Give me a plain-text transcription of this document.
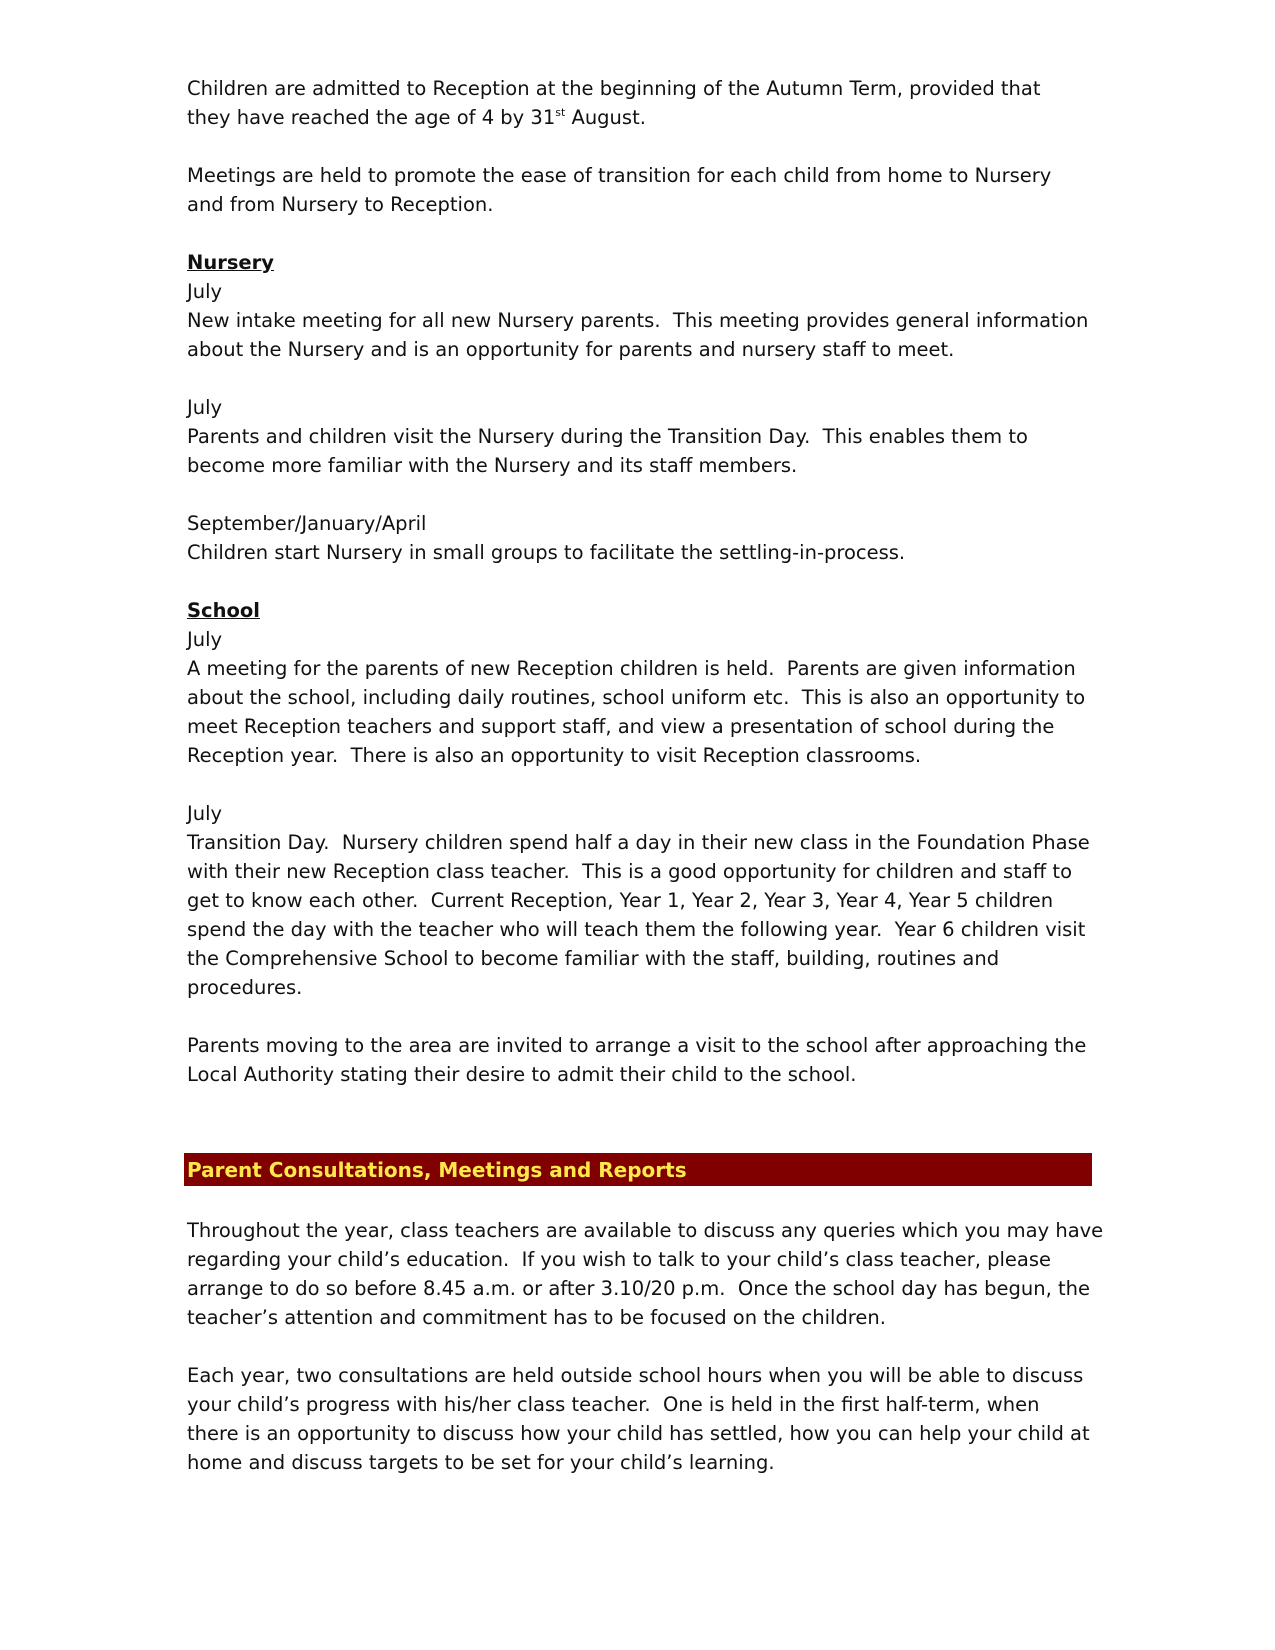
Children are admitted to Reception at the beginning of the Autumn Term, provided that
they have reached the age of 4 by 31st August.

Meetings are held to promote the ease of transition for each child from home to Nursery
and from Nursery to Reception.

Nursery

July
New intake meeting for all new Nursery parents.  This meeting provides general information
about the Nursery and is an opportunity for parents and nursery staff to meet.

July
Parents and children visit the Nursery during the Transition Day.  This enables them to
become more familiar with the Nursery and its staff members.

September/January/April
Children start Nursery in small groups to facilitate the settling-in-process.

School

July
A meeting for the parents of new Reception children is held.  Parents are given information
about the school, including daily routines, school uniform etc.  This is also an opportunity to
meet Reception teachers and support staff, and view a presentation of school during the
Reception year.  There is also an opportunity to visit Reception classrooms.

July
Transition Day.  Nursery children spend half a day in their new class in the Foundation Phase
with their new Reception class teacher.  This is a good opportunity for children and staff to
get to know each other.  Current Reception, Year 1, Year 2, Year 3, Year 4, Year 5 children
spend the day with the teacher who will teach them the following year.  Year 6 children visit
the Comprehensive School to become familiar with the staff, building, routines and
procedures.

Parents moving to the area are invited to arrange a visit to the school after approaching the
Local Authority stating their desire to admit their child to the school.

Parent Consultations, Meetings and Reports

Throughout the year, class teachers are available to discuss any queries which you may have
regarding your child’s education.  If you wish to talk to your child’s class teacher, please
arrange to do so before 8.45 a.m. or after 3.10/20 p.m.  Once the school day has begun, the
teacher’s attention and commitment has to be focused on the children.

Each year, two consultations are held outside school hours when you will be able to discuss
your child’s progress with his/her class teacher.  One is held in the first half-term, when
there is an opportunity to discuss how your child has settled, how you can help your child at
home and discuss targets to be set for your child’s learning.
